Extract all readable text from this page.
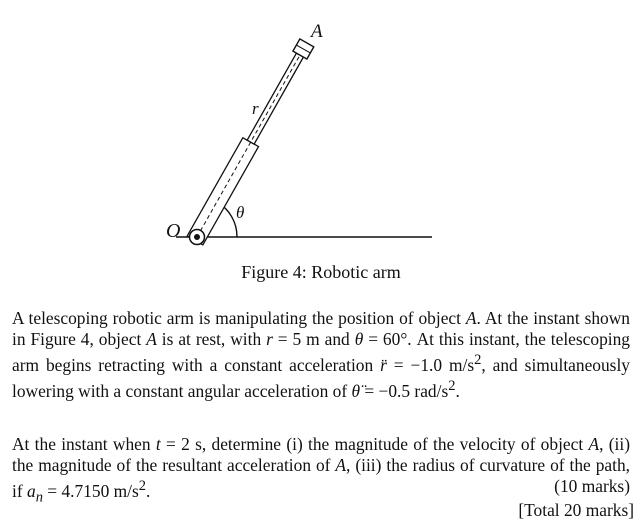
A
r
O
θ
Figure 4: Robotic arm
A telescoping robotic arm is manipulating the position of object A. At the instant shown in Figure 4, object A is at rest, with r = 5 m and θ = 60°. At this instant, the telescoping arm begins retracting with a constant acceleration r̈ = −1.0 $m/s^2$, and simultaneously lowering with a constant angular acceleration of θ̈ = −0.5 rad/$s^2$.
At the instant when t = 2 s, determine (i) the magnitude of the velocity of object A, (ii) the magnitude of the resultant acceleration of A, (iii) the radius of curvature of the path, if $a_n = 4.7150$ $m/s^2$.	(10 marks)
[Total 20 marks]
